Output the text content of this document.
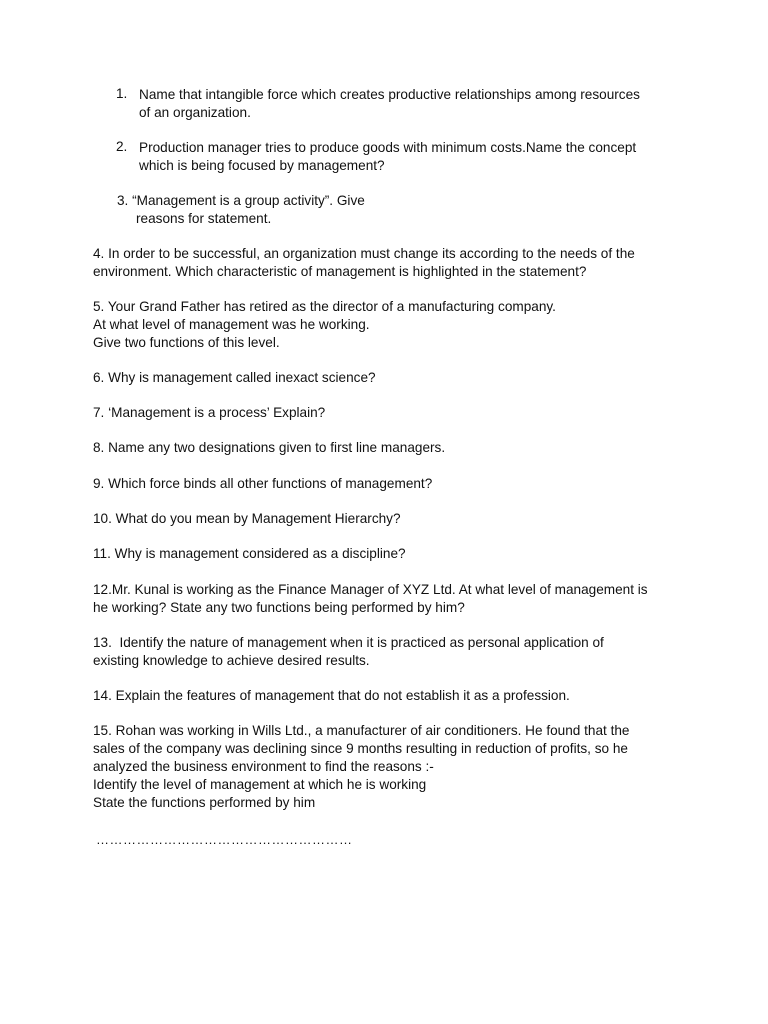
1. Name that intangible force which creates productive relationships among resources
of an organization.
2. Production manager tries to produce goods with minimum costs.Name the concept
which is being focused by management?
3. “Management is a group activity”. Give
reasons for statement.
4. In order to be successful, an organization must change its according to the needs of the
environment. Which characteristic of management is highlighted in the statement?
5. Your Grand Father has retired as the director of a manufacturing company.
At what level of management was he working.
Give two functions of this level.
6. Why is management called inexact science?
7. ‘Management is a process’ Explain?
8. Name any two designations given to first line managers.
9. Which force binds all other functions of management?
10. What do you mean by Management Hierarchy?
11. Why is management considered as a discipline?
12.Mr. Kunal is working as the Finance Manager of XYZ Ltd. At what level of management is
he working? State any two functions being performed by him?
13.  Identify the nature of management when it is practiced as personal application of
existing knowledge to achieve desired results.
14. Explain the features of management that do not establish it as a profession.
15. Rohan was working in Wills Ltd., a manufacturer of air conditioners. He found that the
sales of the company was declining since 9 months resulting in reduction of profits, so he
analyzed the business environment to find the reasons :-
Identify the level of management at which he is working
State the functions performed by him
…………………………………………………
